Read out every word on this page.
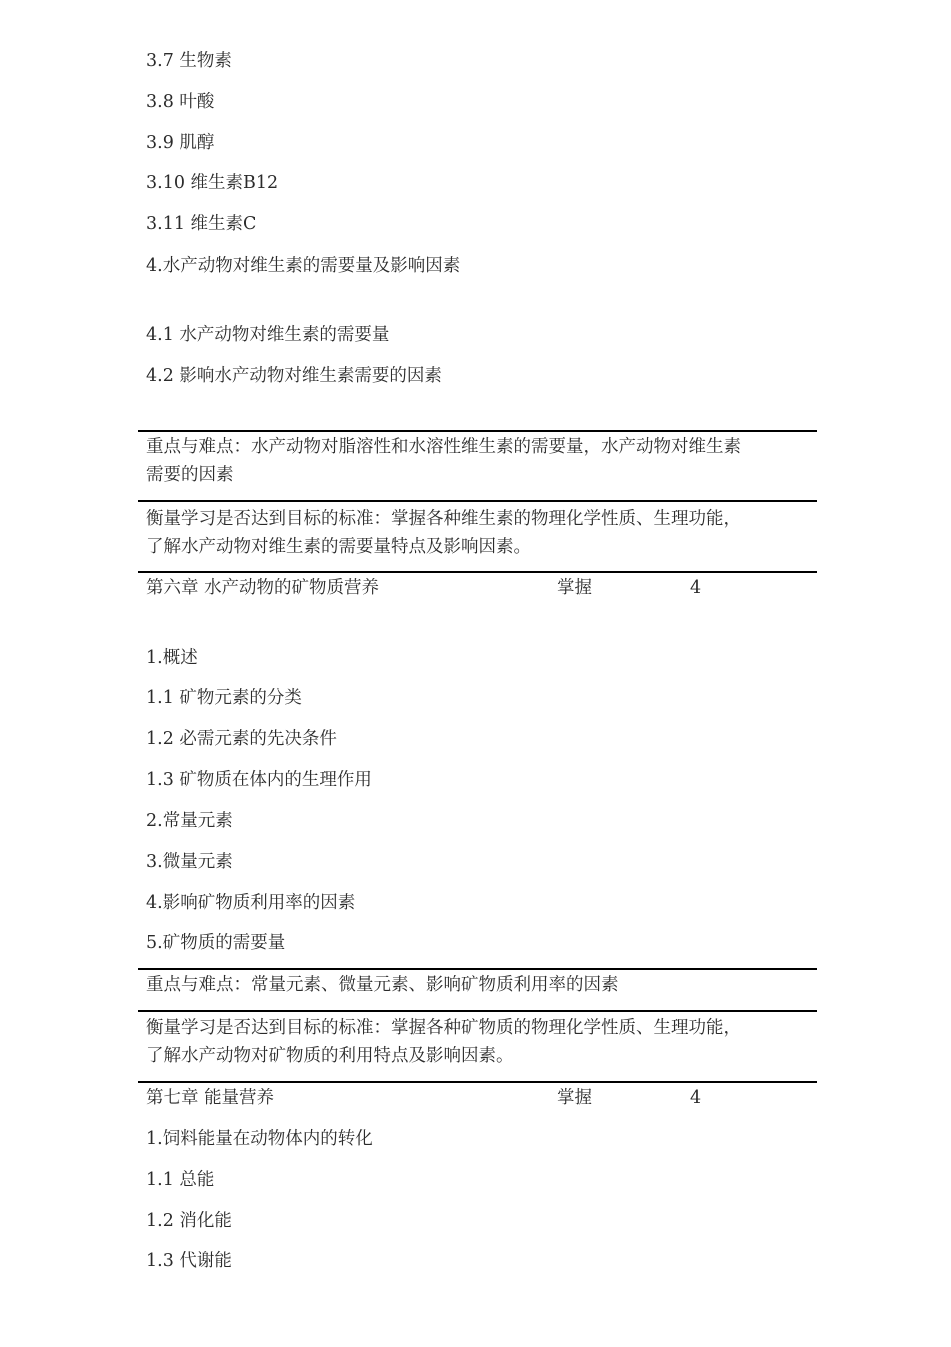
3.7 生物素
3.8 叶酸
3.9 肌醇
3.10 维生素B12
3.11 维生素C
4.水产动物对维生素的需要量及影响因素
4.1 水产动物对维生素的需要量
4.2 影响水产动物对维生素需要的因素
重点与难点：水产动物对脂溶性和水溶性维生素的需要量，水产动物对维生素
需要的因素
衡量学习是否达到目标的标准：掌握各种维生素的物理化学性质、生理功能，
了解水产动物对维生素的需要量特点及影响因素。
第六章 水产动物的矿物质营养	掌握	4
1.概述
1.1 矿物元素的分类
1.2 必需元素的先决条件
1.3 矿物质在体内的生理作用
2.常量元素
3.微量元素
4.影响矿物质利用率的因素
5.矿物质的需要量
重点与难点：常量元素、微量元素、影响矿物质利用率的因素
衡量学习是否达到目标的标准：掌握各种矿物质的物理化学性质、生理功能，
了解水产动物对矿物质的利用特点及影响因素。
第七章 能量营养	掌握	4
1.饲料能量在动物体内的转化
1.1 总能
1.2 消化能
1.3 代谢能
